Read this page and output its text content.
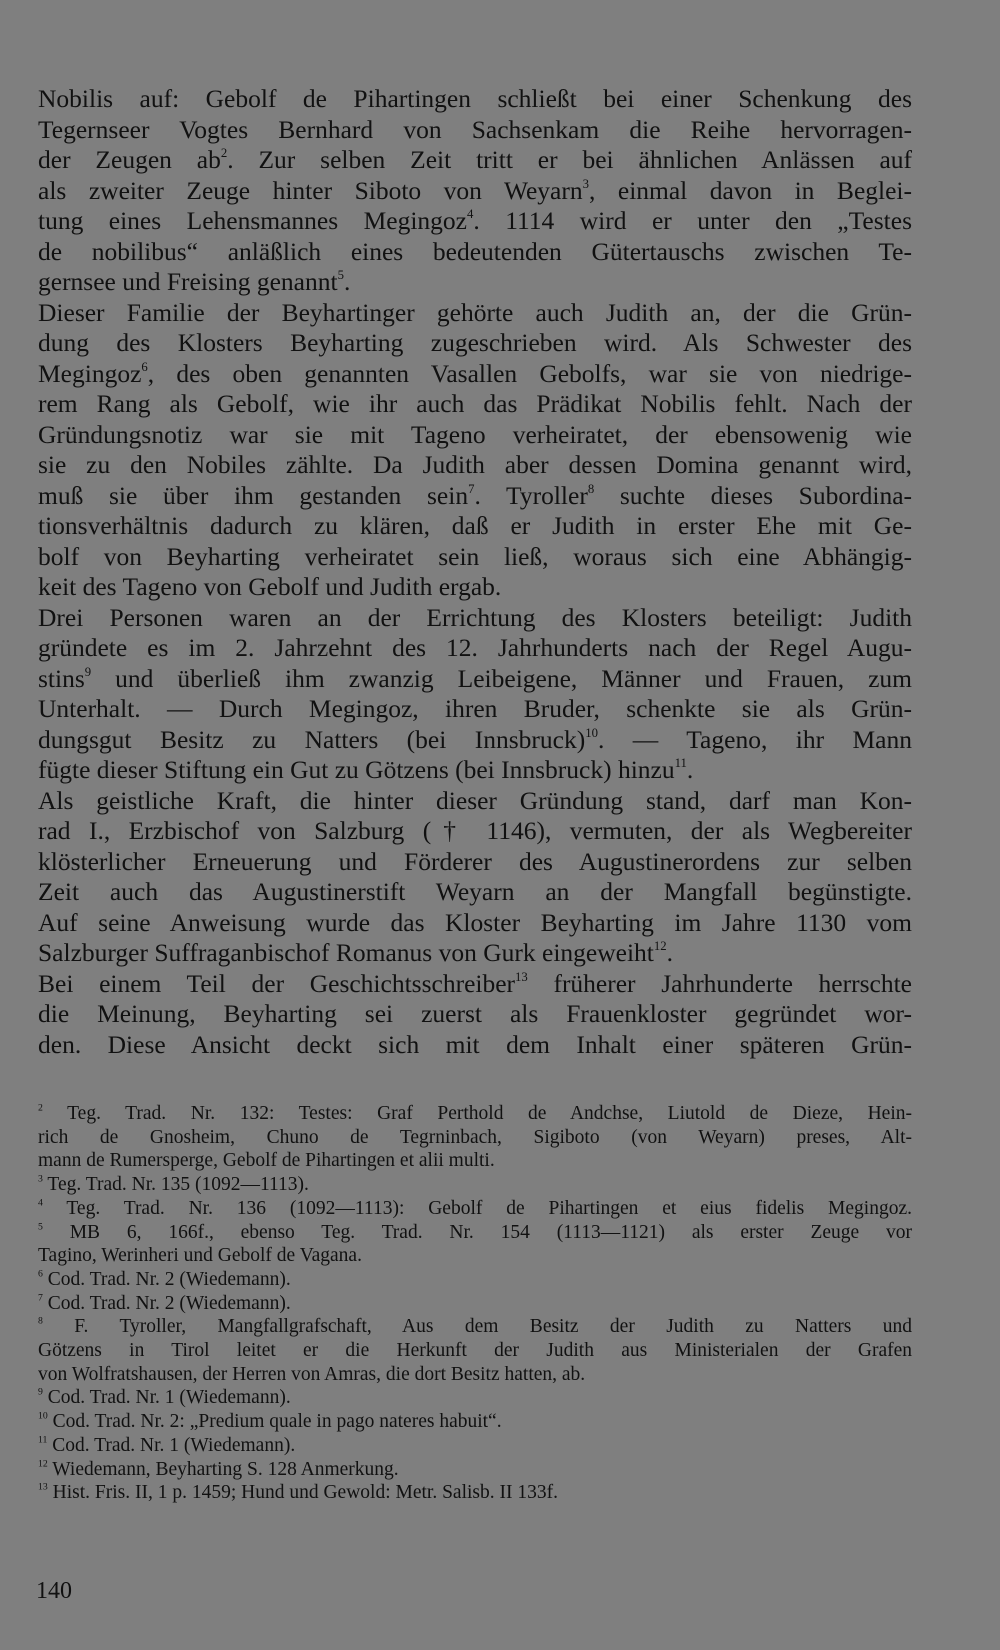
Nobilis auf: Gebolf de Pihartingen schließt bei einer Schenkung des
Tegernseer Vogtes Bernhard von Sachsenkam die Reihe hervorragen-
der Zeugen $ab^2$. Zur selben Zeit tritt er bei ähnlichen Anlässen auf
als zweiter Zeuge hinter Siboto von Weyarn$^3$, einmal davon in Beglei-
tung eines Lehensmannes Megingoz$^4$. 1114 wird er unter den „Testes
de nobilibus“ anläßlich eines bedeutenden Gütertauschs zwischen Te-
gernsee und Freising genannt$^5$.
Dieser Familie der Beyhartinger gehörte auch Judith an, der die Grün-
dung des Klosters Beyharting zugeschrieben wird. Als Schwester des
Megingoz$^6$, des oben genannten Vasallen Gebolfs, war sie von niedrige-
rem Rang als Gebolf, wie ihr auch das Prädikat Nobilis fehlt. Nach der
Gründungsnotiz war sie mit Tageno verheiratet, der ebensowenig wie
sie zu den Nobiles zählte. Da Judith aber dessen Domina genannt wird,
muß sie über ihm gestanden sein$^7$. Tyroller$^8$ suchte dieses Subordina-
tionsverhältnis dadurch zu klären, daß er Judith in erster Ehe mit Ge-
bolf von Beyharting verheiratet sein ließ, woraus sich eine Abhängig-
keit des Tageno von Gebolf und Judith ergab.
Drei Personen waren an der Errichtung des Klosters beteiligt: Judith
gründete es im 2. Jahrzehnt des 12. Jahrhunderts nach der Regel Augu-
stins$^9$ und überließ ihm zwanzig Leibeigene, Männer und Frauen, zum
Unterhalt. — Durch Megingoz, ihren Bruder, schenkte sie als Grün-
dungsgut Besitz zu Natters (bei Innsbruck)$^{10}$. — Tageno, ihr Mann
fügte dieser Stiftung ein Gut zu Götzens (bei Innsbruck) hinzu$^{11}$.
Als geistliche Kraft, die hinter dieser Gründung stand, darf man Kon-
rad I., Erzbischof von Salzburg († 1146), vermuten, der als Wegbereiter
klösterlicher Erneuerung und Förderer des Augustinerordens zur selben
Zeit auch das Augustinerstift Weyarn an der Mangfall begünstigte.
Auf seine Anweisung wurde das Kloster Beyharting im Jahre 1130 vom
Salzburger Suffraganbischof Romanus von Gurk eingeweiht$^{12}$.
Bei einem Teil der Geschichtsschreiber$^{13}$ früherer Jahrhunderte herrschte
die Meinung, Beyharting sei zuerst als Frauenkloster gegründet wor-
den. Diese Ansicht deckt sich mit dem Inhalt einer späteren Grün-
$^2$ Teg. Trad. Nr. 132: Testes: Graf Perthold de Andchse, Liutold de Dieze, Hein-
rich de Gnosheim, Chuno de Tegrninbach, Sigiboto (von Weyarn) preses, Alt-
mann de Rumersperge, Gebolf de Pihartingen et alii multi.
$^3$ Teg. Trad. Nr. 135 (1092—1113).
$^4$ Teg. Trad. Nr. 136 (1092—1113): Gebolf de Pihartingen et eius fidelis Megingoz.
$^5$ MB 6, 166f., ebenso Teg. Trad. Nr. 154 (1113—1121) als erster Zeuge vor
Tagino, Werinheri und Gebolf de Vagana.
$^6$ Cod. Trad. Nr. 2 (Wiedemann).
$^7$ Cod. Trad. Nr. 2 (Wiedemann).
$^8$ F. Tyroller, Mangfallgrafschaft, Aus dem Besitz der Judith zu Natters und
Götzens in Tirol leitet er die Herkunft der Judith aus Ministerialen der Grafen
von Wolfratshausen, der Herren von Amras, die dort Besitz hatten, ab.
$^9$ Cod. Trad. Nr. 1 (Wiedemann).
$^{10}$ Cod. Trad. Nr. 2: „Predium quale in pago nateres habuit“.
$^{11}$ Cod. Trad. Nr. 1 (Wiedemann).
$^{12}$ Wiedemann, Beyharting S. 128 Anmerkung.
$^{13}$ Hist. Fris. II, 1 p. 1459; Hund und Gewold: Metr. Salisb. II 133f.
140
